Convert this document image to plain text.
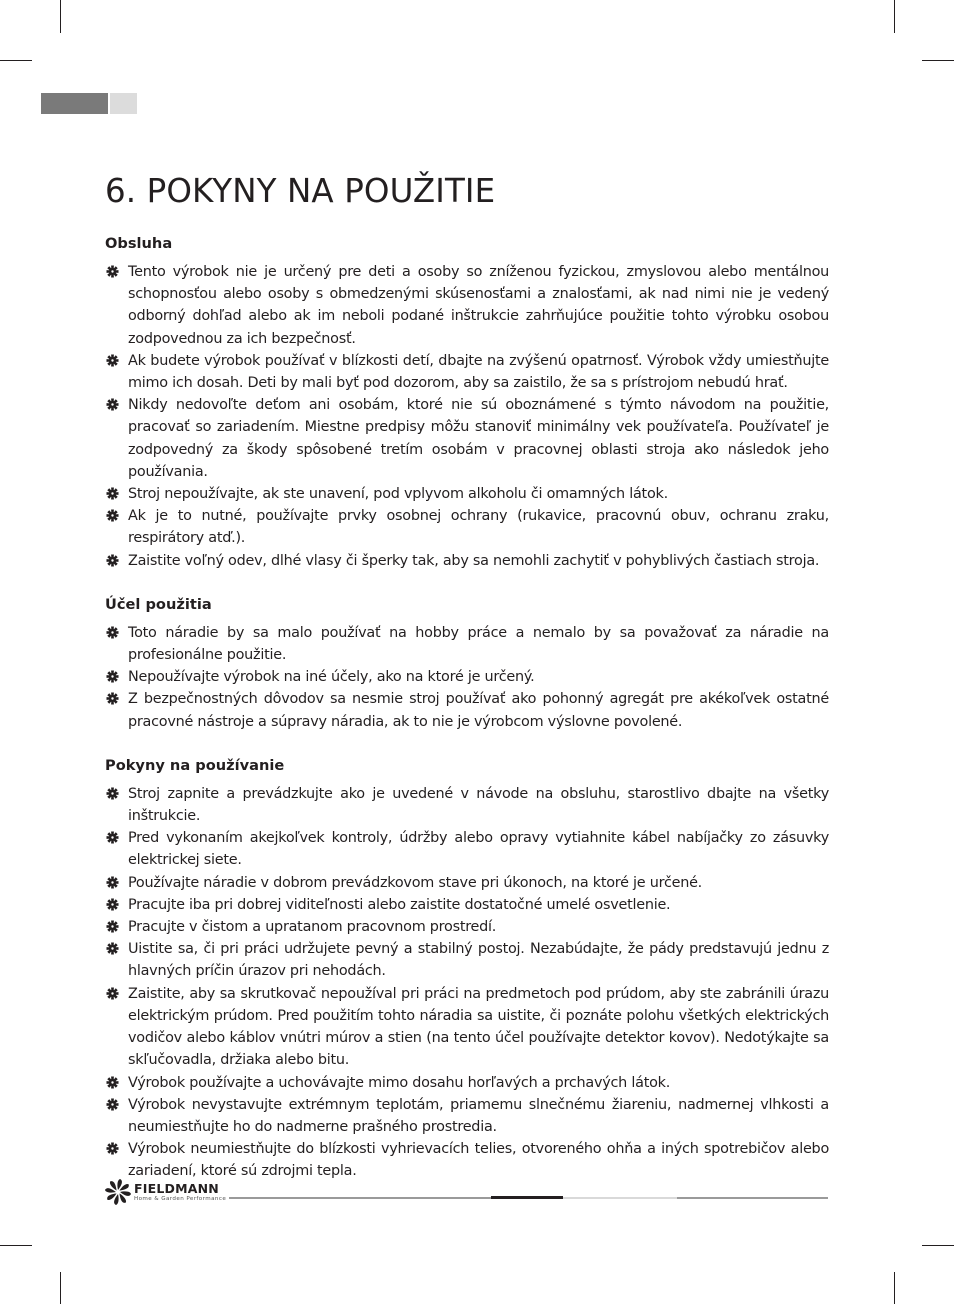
6. POKYNY NA POUŽITIE
Obsluha
Tento výrobok nie je určený pre deti a osoby so zníženou fyzickou, zmyslovou alebo mentálnou schopnosťou alebo osoby s obmedzenými skúsenosťami a znalosťami, ak nad nimi nie je vedený odborný dohľad alebo ak im neboli podané inštrukcie zahrňujúce použitie tohto výrobku osobou zodpovednou za ich bezpečnosť.
Ak budete výrobok používať v blízkosti detí, dbajte na zvýšenú opatrnosť. Výrobok vždy umiestňujte mimo ich dosah. Deti by mali byť pod dozorom, aby sa zaistilo, že sa s prístrojom nebudú hrať.
Nikdy nedovoľte deťom ani osobám, ktoré nie sú oboznámené s týmto návodom na použitie, pracovať so zariadením. Miestne predpisy môžu stanoviť minimálny vek používateľa. Používateľ je zodpovedný za škody spôsobené tretím osobám v pracovnej oblasti stroja ako následok jeho používania.
Stroj nepoužívajte, ak ste unavení, pod vplyvom alkoholu či omamných látok.
Ak je to nutné, používajte prvky osobnej ochrany (rukavice, pracovnú obuv, ochranu zraku, respirátory atď.).
Zaistite voľný odev, dlhé vlasy či šperky tak, aby sa nemohli zachytiť v pohyblivých častiach stroja.
Účel použitia
Toto náradie by sa malo používať na hobby práce a nemalo by sa považovať za náradie na profesionálne použitie.
Nepoužívajte výrobok na iné účely, ako na ktoré je určený.
Z bezpečnostných dôvodov sa nesmie stroj používať ako pohonný agregát pre akékoľvek ostatné pracovné nástroje a súpravy náradia, ak to nie je výrobcom výslovne povolené.
Pokyny na používanie
Stroj zapnite a prevádzkujte ako je uvedené v návode na obsluhu, starostlivo dbajte na všetky inštrukcie.
Pred vykonaním akejkoľvek kontroly, údržby alebo opravy vytiahnite kábel nabíjačky zo zásuvky elektrickej siete.
Používajte náradie v dobrom prevádzkovom stave pri úkonoch, na ktoré je určené.
Pracujte iba pri dobrej viditeľnosti alebo zaistite dostatočné umelé osvetlenie.
Pracujte v čistom a upratanom pracovnom prostredí.
Uistite sa, či pri práci udržujete pevný a stabilný postoj. Nezabúdajte, že pády predstavujú jednu z hlavných príčin úrazov pri nehodách.
Zaistite, aby sa skrutkovač nepoužíval pri práci na predmetoch pod prúdom, aby ste zabránili úrazu elektrickým prúdom. Pred použitím tohto náradia sa uistite, či poznáte polohu všetkých elektrických vodičov alebo káblov vnútri múrov a stien (na tento účel používajte detektor kovov). Nedotýkajte sa skľučovadla, držiaka alebo bitu.
Výrobok používajte a uchovávajte mimo dosahu horľavých a prchavých látok.
Výrobok nevystavujte extrémnym teplotám, priamemu slnečnému žiareniu, nadmernej vlhkosti a neumiestňujte ho do nadmerne prašného prostredia.
Výrobok neumiestňujte do blízkosti vyhrievacích telies, otvoreného ohňa a iných spotrebičov alebo zariadení, ktoré sú zdrojmi tepla.
FIELDMANN
Home & Garden Performance
